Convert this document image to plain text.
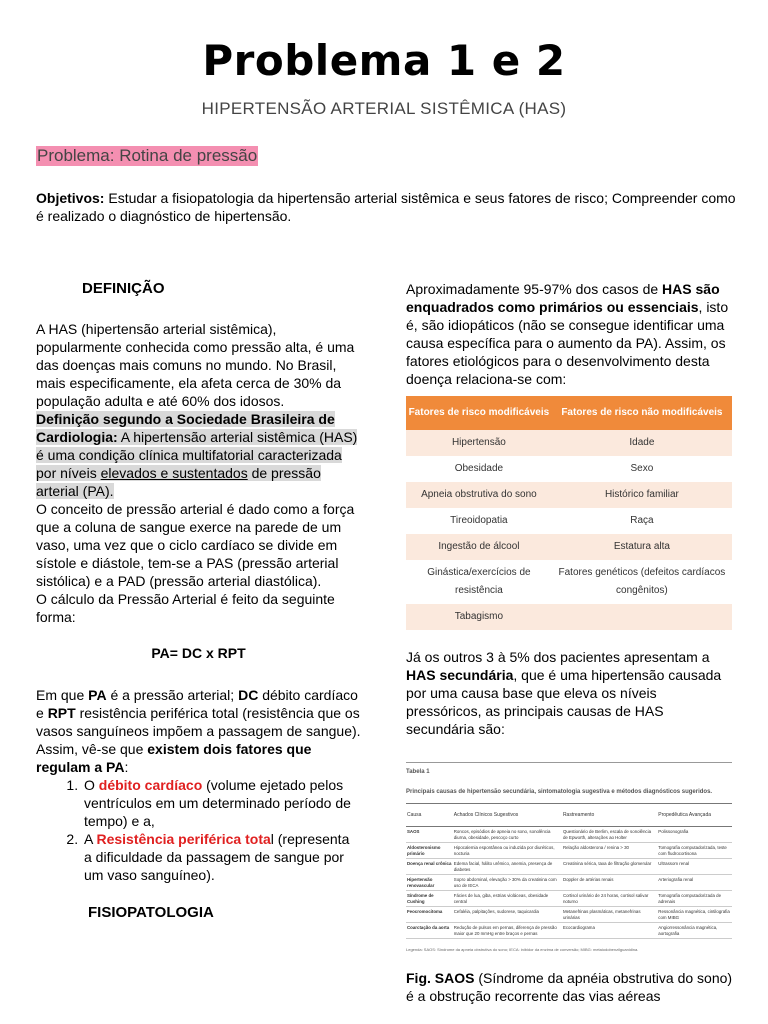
Problema 1 e 2
HIPERTENSÃO ARTERIAL SISTÊMICA (HAS)
Problema: Rotina de pressão
Objetivos: Estudar a fisiopatologia da hipertensão arterial sistêmica e seus fatores de risco; Compreender como é realizado o diagnóstico de hipertensão.
DEFINIÇÃO

A HAS (hipertensão arterial sistêmica), popularmente conhecida como pressão alta, é uma das doenças mais comuns no mundo. No Brasil, mais especificamente, ela afeta cerca de 30% da população adulta e até 60% dos idosos.

Definição segundo a Sociedade Brasileira de Cardiologia: A hipertensão arterial sistêmica (HAS) é uma condição clínica multifatorial caracterizada por níveis elevados e sustentados de pressão arterial (PA).

O conceito de pressão arterial é dado como a força que a coluna de sangue exerce na parede de um vaso, uma vez que o ciclo cardíaco se divide em sístole e diástole, tem-se a PAS (pressão arterial sistólica) e a PAD (pressão arterial diastólica).

O cálculo da Pressão Arterial é feito da seguinte forma:

PA= DC x RPT

Em que PA é a pressão arterial; DC débito cardíaco e RPT resistência periférica total (resistência que os vasos sanguíneos impõem a passagem de sangue).

Assim, vê-se que existem dois fatores que regulam a PA:

1. O débito cardíaco (volume ejetado pelos ventrículos em um determinado período de tempo) e a,
2. A Resistência periférica total (representa a dificuldade da passagem de sangue por um vaso sanguíneo).
FISIOPATOLOGIA

Aproximadamente 95-97% dos casos de HAS são enquadrados como primários ou essenciais, isto é, são idiopáticos (não se consegue identificar uma causa específica para o aumento da PA). Assim, os fatores etiológicos para o desenvolvimento desta doença relaciona-se com:

Fatores de risco modificáveis	Fatores de risco não modificáveis
Hipertensão	Idade
Obesidade	Sexo
Apneia obstrutiva do sono	Histórico familiar
Tireoidopatia	Raça
Ingestão de álcool	Estatura alta
Ginástica/exercícios de resistência	Fatores genéticos (defeitos cardíacos congênitos)
Tabagismo	

Já os outros 3 à 5% dos pacientes apresentam a HAS secundária, que é uma hipertensão causada por uma causa base que eleva os níveis pressóricos, as principais causas de HAS secundária são:

Tabela 1
Principais causas de hipertensão secundária, sintomatologia sugestiva e métodos diagnósticos sugeridos.
Causa	Achados Clínicos Sugestivos	Rastreamento	Propedêutica Avançada
SAOS	Roncos, episódios de apneia no sono, sonolência diurna, obesidade, pescoço curto	Questionário de Berlim, escala de sonolência de Epworth, alterações ao Holter	Polissonografia
Aldosteronismo primário	Hipocalemia espontânea ou induzida por diuréticos, nocturia	Relação aldosterona / renina > 30	Tomografia computadorizada, teste com fludrocortisona
Doença renal crônica	Edema facial, hálito urêmico, anemia, presença de diabetes	Creatinina sérica, taxa de filtração glomerular	Ultrassom renal
Hipertensão renovascular	Sopro abdominal, elevação > 30% da creatinina com uso de IECA	Doppler de artérias renais	Arteriografia renal
Síndrome de Cushing	Fácies de lua, giba, estrias violáceas, obesidade central	Cortisol urinário de 24 horas, cortisol salivar noturno	Tomografia computadorizada de adrenais
Feocromocitoma	Cefaléia, palpitações, sudorese, taquicardia	Metanefrinas plasmáticas, metanefrinas urinárias	Ressonância magnética, cintilografia com MIBG
Coarctação da aorta	Redução de pulsos em pernas, diferença de pressão maior que 20 mmHg entre braços e pernas	Ecocardiograma	Angiorressonância magnética, aortografia
Legenda: SAOS: Síndrome da apneia obstrutiva do sono; IECA: inibidor da enzima de conversão; MIBG: metaiodobenzilguanidina.

Fig. SAOS (Síndrome da apnéia obstrutiva do sono) é a obstrução recorrente das vias aéreas
